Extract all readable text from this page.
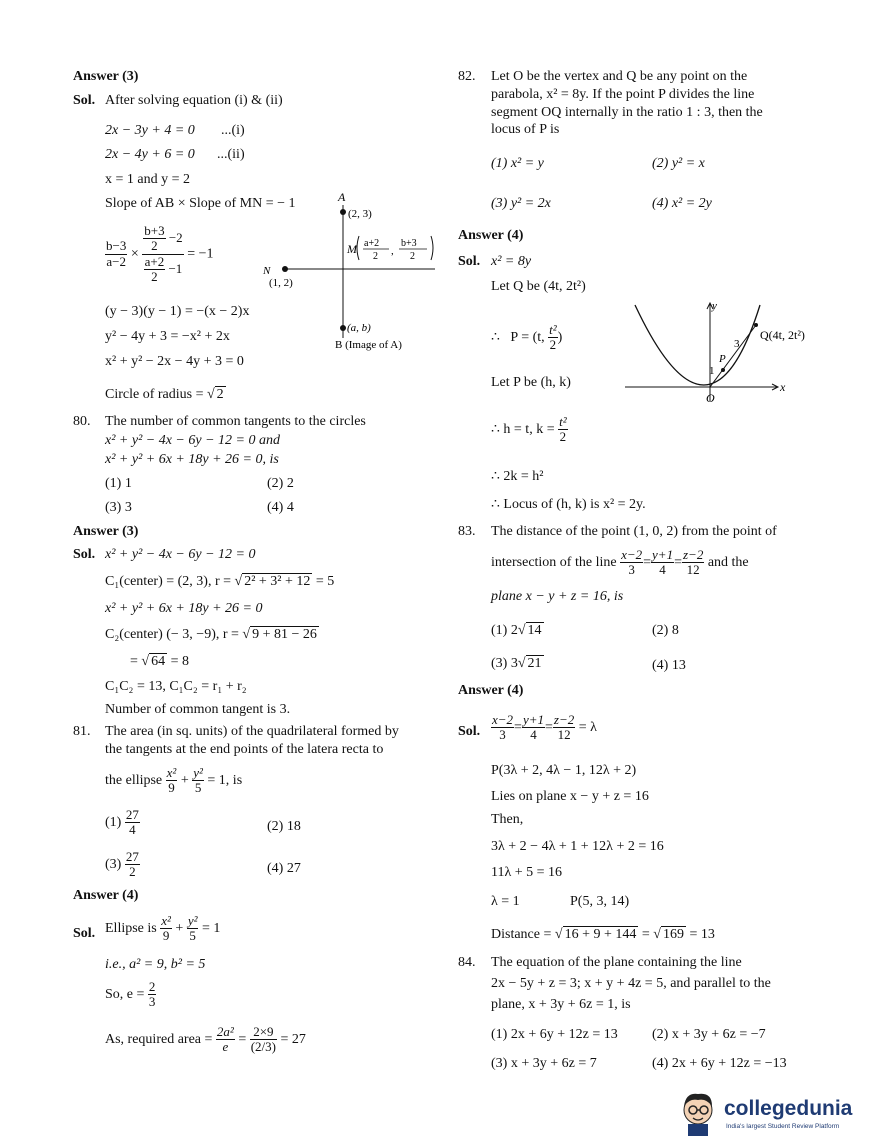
Answer (3)
Sol. After solving equation (i) & (ii)
2x − 3y + 4 = 0 ...(i)
2x − 4y + 6 = 0 ...(ii)
x = 1 and y = 2
Slope of AB × Slope of MN = − 1
$\frac{b-3}{a-2} \times \frac{\frac{b+3}{2} -2}{\frac{a+2}{2} -1} = -1$
(y − 3)(y − 1) = −(x − 2)x
y² − 4y + 3 = −x² + 2x
x² + y² − 2x − 4y + 3 = 0
Circle of radius = √ 2
A
(2, 3)
N
(1, 2)
(a, b)
B (Image of A)
M a+2
2 ,
b+3
2
80. The number of common tangents to the circles
x² + y² − 4x − 6y − 12 = 0 and
x² + y² + 6x + 18y + 26 = 0, is
(1) 1	(2) 2
(3) 3	(4) 4
Answer (3)
Sol. x² + y² − 4x − 6y − 12 = 0
C₁(center) = (2, 3), r = √ 2² + 3² + 12 = 5
x² + y² + 6x + 18y + 26 = 0
C₂(center) (− 3, −9), r = √ 9 + 81 − 26
= √ 64 = 8
C₁C₂ = 13, C₁C₂ = r₁ + r₂
Number of common tangent is 3.
81. The area (in sq. units) of the quadrilateral formed by
the tangents at the end points of the latera recta to
the ellipse $\frac{\text{x²}}{9} + \frac{\text{y²}}{5} = 1$, is
$(1) \frac{27}{4}$	(2) 18
$(3) \frac{27}{2}$	(4) 27
Answer (4)
Sol. Ellipse is $\frac{\text{x²}}{9} + \frac{\text{y²}}{5} = 1$
i.e., a² = 9, b² = 5
So, $e = \frac{2}{3}$
As, required area = $\frac{\text{2a²}}{e} = \frac{2\times 9}{(2/3)} = 27$
82. Let O be the vertex and Q be any point on the
parabola, x² = 8y. If the point P divides the line
segment OQ internally in the ratio 1 : 3, then the
locus of P is
(1) x² = y	(2) y² = x
(3) y² = 2x	(4) x² = 2y
Answer (4)
Sol. x² = 8y
Let Q be (4t, 2t²)
∴ P = (t, $\frac{\text{t²}}{2}$ )
Let P be (h, k)
∴ h = t, $k = \frac{\text{t²}}{2}$
∴ 2k = h²
∴ Locus of (h, k) is x² = 2y.
y
x
O
Q(4t, 2t²)
P
1
3
83. The distance of the point (1, 0, 2) from the point of
intersection of the line $\frac{x-2}{3} = \frac{y+1}{4} = \frac{z-2}{12}$ and the
plane x − y + z = 16, is
(1) 2√ 14	(2) 8
(3) 3√ 21	(4) 13
Answer (4)
Sol. $\frac{x-2}{3} = \frac{y+1}{4} = \frac{z-2}{12} = \lambda$
P(3λ + 2, 4λ − 1, 12λ + 2)
Lies on plane x − y + z = 16
Then,
3λ + 2 − 4λ + 1 + 12λ + 2 = 16
11λ + 5 = 16
λ = 1	P(5, 3, 14)
Distance = √ 16 + 9 + 144 = √ 169 = 13
84. The equation of the plane containing the line
2x − 5y + z = 3; x + y + 4z = 5, and parallel to the
plane, x + 3y + 6z = 1, is
(1) 2x + 6y + 12z = 13 (2) x + 3y + 6z = −7
(3) x + 3y + 6z = 7	(4) 2x + 6y + 12z = −13
collegedunia
India's largest Student Review Platform
